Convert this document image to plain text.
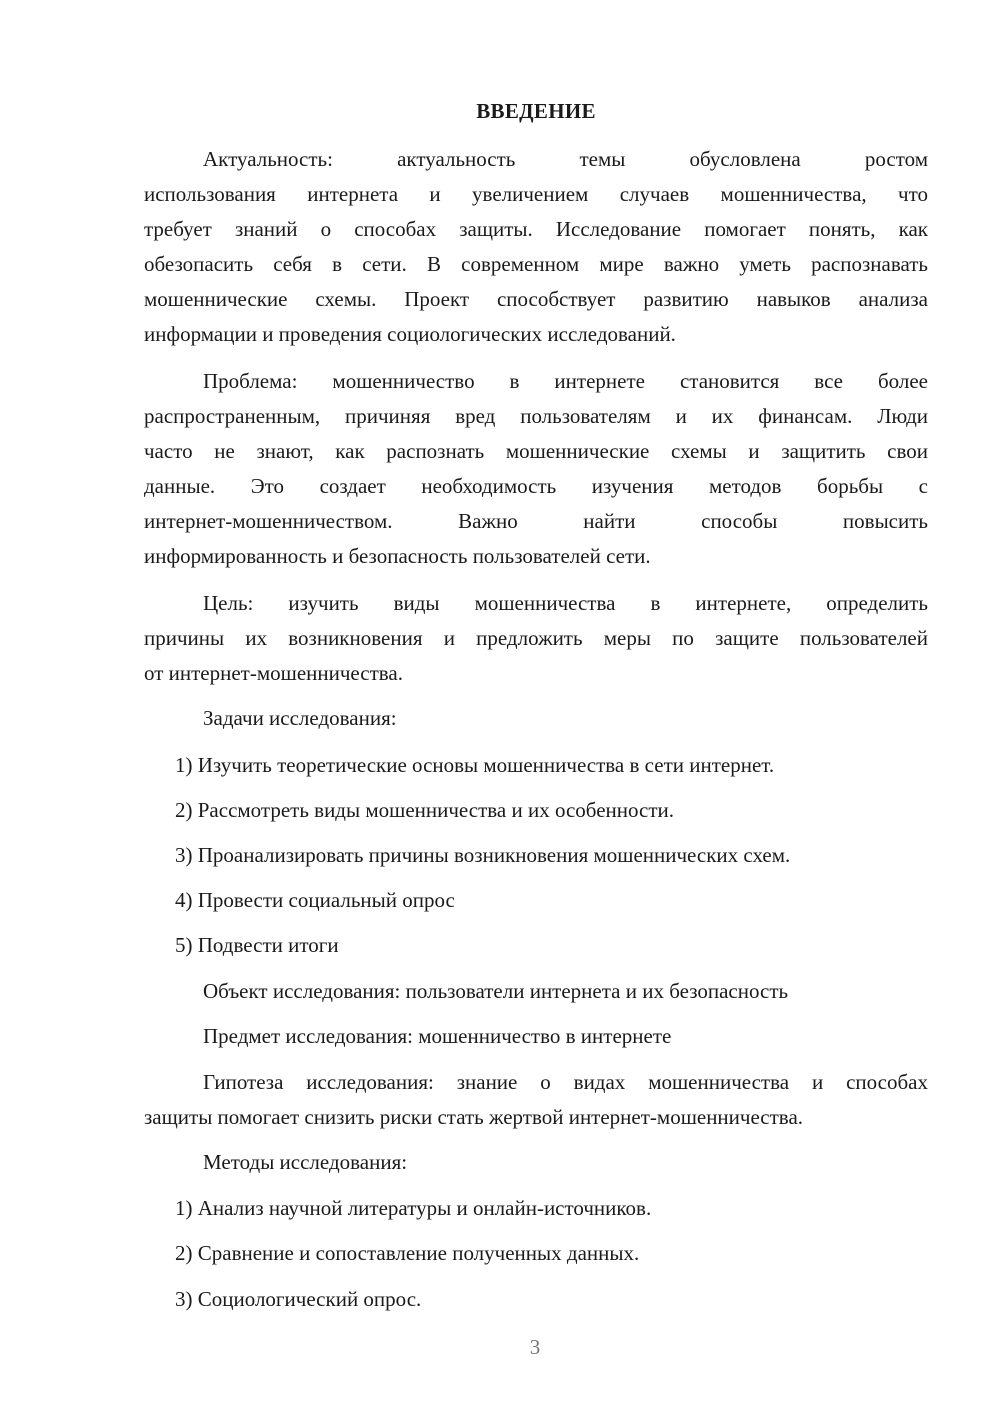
ВВЕДЕНИЕ
Актуальность: актуальность темы обусловлена ростом
использования интернета и увеличением случаев мошенничества, что
требует знаний о способах защиты. Исследование помогает понять, как
обезопасить себя в сети. В современном мире важно уметь распознавать
мошеннические схемы. Проект способствует развитию навыков анализа
информации и проведения социологических исследований.
Проблема: мошенничество в интернете становится все более
распространенным, причиняя вред пользователям и их финансам. Люди
часто не знают, как распознать мошеннические схемы и защитить свои
данные. Это создает необходимость изучения методов борьбы с
интернет-мошенничеством. Важно найти способы повысить
информированность и безопасность пользователей сети.
Цель: изучить виды мошенничества в интернете, определить
причины их возникновения и предложить меры по защите пользователей
от интернет-мошенничества.
Задачи исследования:
1) Изучить теоретические основы мошенничества в сети интернет.
2) Рассмотреть виды мошенничества и их особенности.
3) Проанализировать причины возникновения мошеннических схем.
4) Провести социальный опрос
5) Подвести итоги
Объект исследования: пользователи интернета и их безопасность
Предмет исследования: мошенничество в интернете
Гипотеза исследования: знание о видах мошенничества и способах
защиты помогает снизить риски стать жертвой интернет-мошенничества.
Методы исследования:
1) Анализ научной литературы и онлайн-источников.
2) Сравнение и сопоставление полученных данных.
3) Социологический опрос.
3
